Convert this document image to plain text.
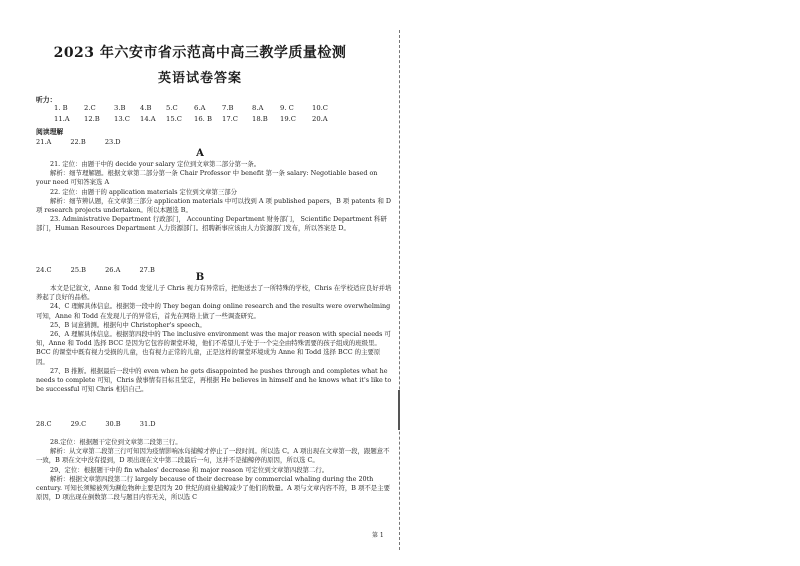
2023 年六安市省示范高中高三教学质量检测
英语试卷答案
听力：
1. B 2.C	3.B 4.B 5.C 6.A 7.B	8.A 9. C	10.C
11.A 12.B 13.C 14.A 15.C 16. B 17.C 18.B 19.C 20.A
阅读理解
21.A	22.B	23.D
A

21. 定位：由题干中的 decide your salary 定位到文章第二部分第一条。

解析：细节理解题。根据文章第二部分第一条 Chair Professor 中 benefit 第一条 salary: Negotiable based on your need 可知答案选 A

22. 定位：由题干的 application materials 定位到文章第三部分

解析：细节辨认题，在文章第三部分 application materials 中可以找到 A 项 published papers，B 项 patents 和 D 项 research projects undertaken。所以本题选 B。

23. Administrative Department 行政部门， Accounting Department 财务部门， Scientific Department 科研部门，Human Resources Department 人力资源部门。招聘新事应该由人力资源部门发布，所以答案是 D。

24.C	25.B	26.A	27.B
B

本文是记叙文，Anne 和 Todd 发觉儿子 Chris 视力有异常后，把他送去了一所特殊的学校，Chris 在学校适应良好并培养起了良好的品格。

24、C 理解具体信息。根据第一段中的 They began doing online research and the results were overwhelming 可知，Anne 和 Todd 在发现儿子的异常后，首先在网络上做了一些调查研究。

25、B 词意猜测。根据句中 Christopher's speech。

26、A 理解具体信息。根据第四段中的 The inclusive environment was the major reason with special needs 可知，Anne 和 Todd 选择 BCC 是因为它包容的课堂环境，他们不希望儿子处于一个完全由特殊需要的孩子组成的班级里。BCC 的课堂中既有视力受损的儿童，也有视力正常的儿童，正是这样的课堂环境成为 Anne 和 Todd 选择 BCC 的主要原因。

27、B 推断。根据最后一段中的 even when he gets disappointed he pushes through and completes what he needs to complete 可知，Chris 做事情有目标且坚定，再根据 He believes in himself and he knows what it's like to be successful 可知 Chris 相信自己。

28.C	29.C	30.B	31.D

28.定位：根据题干定位到文章第二段第三行。

解析：从文章第二段第三行可知因为疫情影响冰岛捕鲸才停止了一段时间。所以选 C。A 项出现在文章第一段，跟题意不一致，B 项在文中没有提到，D 项出现在文中第二段最后一句，这并不是捕鲸停的原因，所以选 C。

29、定位：根据题干中的 fin whales' decrease 和 major reason 可定位到文章第四段第二行。

解析：根据文章第四段第二行 largely because of their decrease by commercial whaling during the 20th century. 可知长须鲸被列为濒危物种主要是因为 20 世纪的商业捕鲸减少了他们的数量。A 项与文章内容不符，B 项不是主要原因，D 项出现在倒数第二段与题目内容无关，所以选 C

第 1
